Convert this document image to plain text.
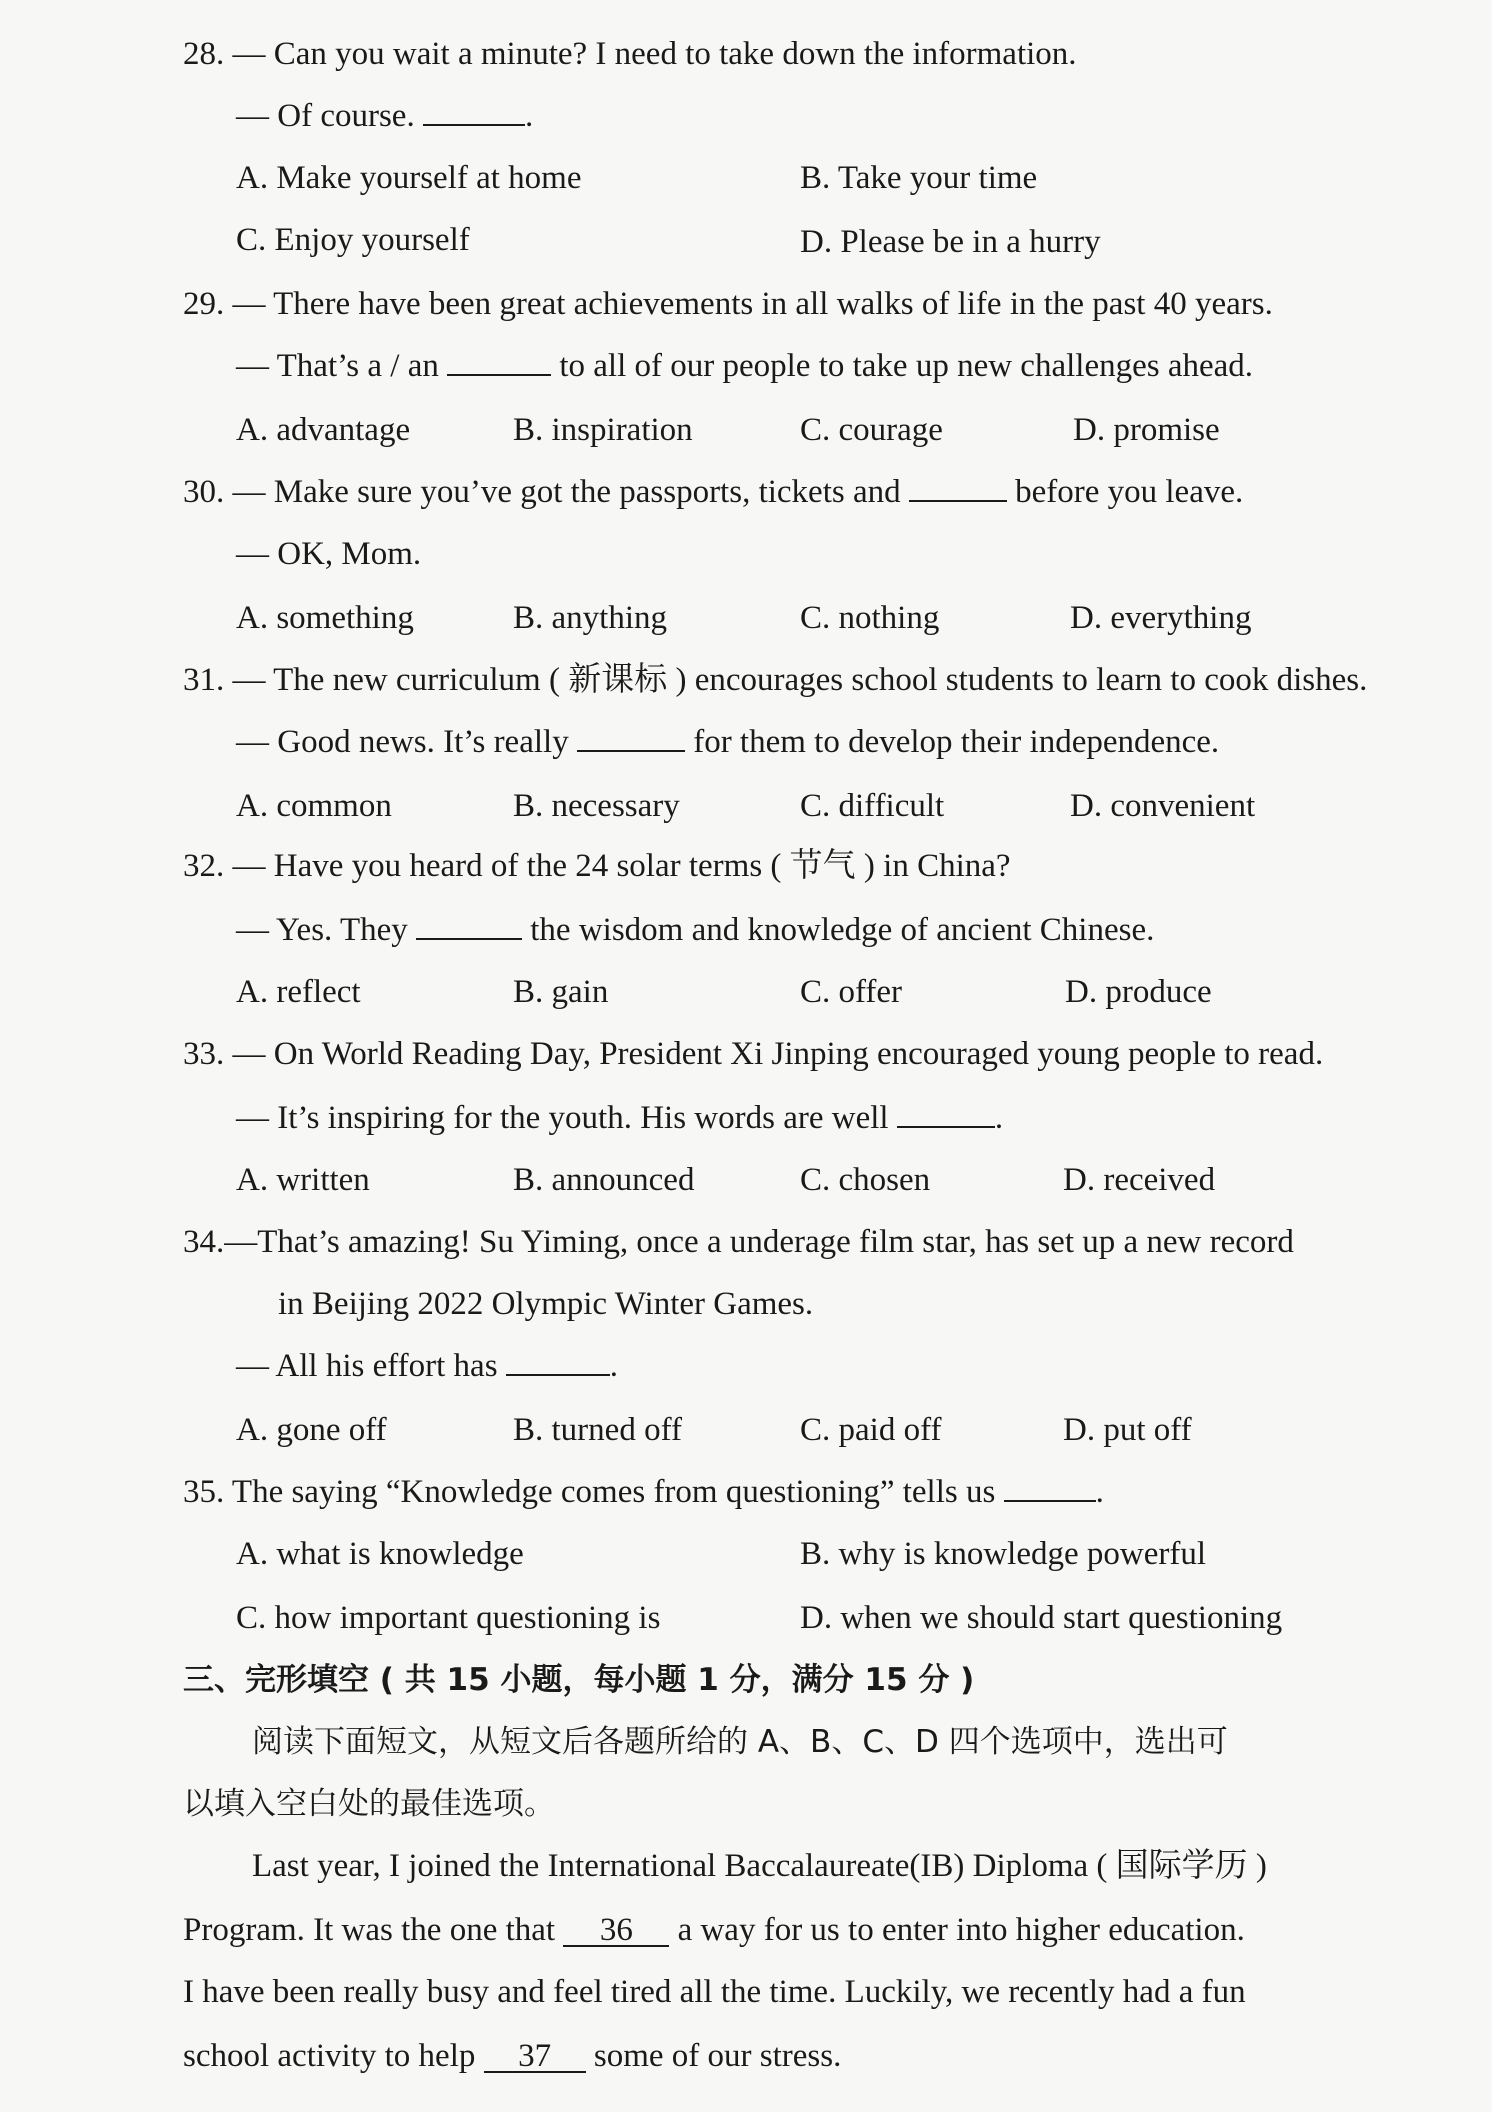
28. — Can you wait a minute? I need to take down the information.
— Of course.	.
A. Make yourself at home	B. Take your time
C. Enjoy yourself	D. Please be in a hurry
29. — There have been great achievements in all walks of life in the past 40 years.
— That’s a / an	to all of our people to take up new challenges ahead.
A. advantage	B. inspiration	C. courage	D. promise
30. — Make sure you’ve got the passports, tickets and	before you leave.
— OK, Mom.
A. something	B. anything	C. nothing	D. everything
31. — The new curriculum ( 新课标 ) encourages school students to learn to cook dishes.
— Good news. It’s really	for them to develop their independence.
A. common	B. necessary	C. difficult	D. convenient
32. — Have you heard of the 24 solar terms ( 节气 ) in China?
— Yes. They	the wisdom and knowledge of ancient Chinese.
A. reflect	B. gain	C. offer	D. produce
33. — On World Reading Day, President Xi Jinping encouraged young people to read.
— It’s inspiring for the youth. His words are well	.
A. written	B. announced	C. chosen	D. received
34.—That’s amazing! Su Yiming, once a underage film star, has set up a new record
in Beijing 2022 Olympic Winter Games.
— All his effort has	.
A. gone off	B. turned off	C. paid off	D. put off
35. The saying “Knowledge comes from questioning” tells us	.
A. what is knowledge	B. why is knowledge powerful
C. how important questioning is	D. when we should start questioning
三、完形填空 ( 共 15 小题，每小题 1 分，满分 15 分 )
阅读下面短文，从短文后各题所给的 A、B、C、D 四个选项中，选出可
以填入空白处的最佳选项。
Last year, I joined the International Baccalaureate(IB) Diploma ( 国际学历 )
Program. It was the one that 36 a way for us to enter into higher education.
I have been really busy and feel tired all the time. Luckily, we recently had a fun
school activity to help 37 some of our stress.
